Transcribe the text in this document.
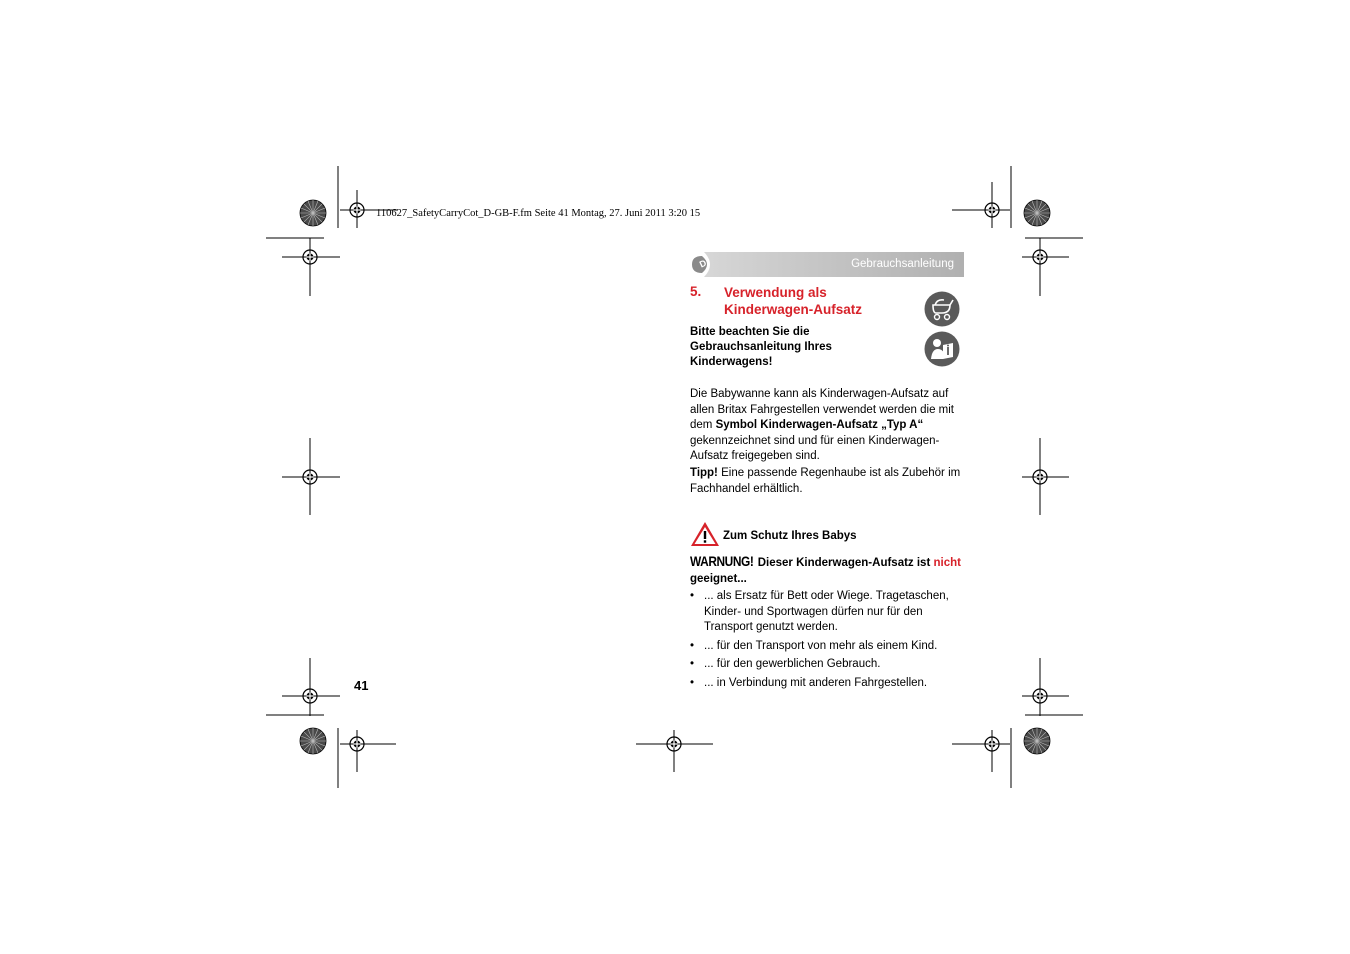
110627_SafetyCarryCot_D-GB-F.fm Seite 41 Montag, 27. Juni 2011 3:20 15
Gebrauchsanleitung
D
5. Verwendung als
Kinderwagen-Aufsatz
Bitte beachten Sie die
Gebrauchsanleitung Ihres
Kinderwagens!
Die Babywanne kann als Kinderwagen-Aufsatz auf allen Britax Fahrgestellen verwendet werden die mit dem Symbol Kinderwagen-Aufsatz „Typ A“ gekennzeichnet sind und für einen Kinderwagen-Aufsatz freigegeben sind.
Tipp! Eine passende Regenhaube ist als Zubehör im Fachhandel erhältlich.
Zum Schutz Ihres Babys
WARNUNG! Dieser Kinderwagen-Aufsatz ist nicht geeignet...
• ... als Ersatz für Bett oder Wiege. Tragetaschen, Kinder- und Sportwagen dürfen nur für den Transport genutzt werden.
• ... für den Transport von mehr als einem Kind.
• ... für den gewerblichen Gebrauch.
• ... in Verbindung mit anderen Fahrgestellen.
41
